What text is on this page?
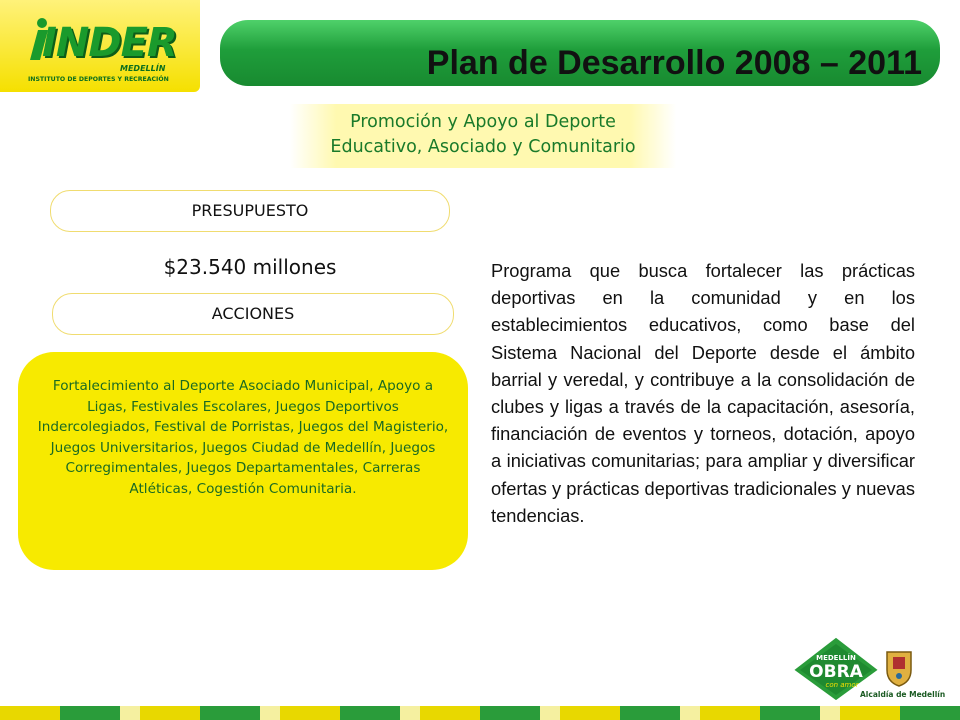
INDER
MEDELLÍN
INSTITUTO DE DEPORTES Y RECREACIÓN	Plan de Desarrollo 2008 – 2011
Promoción y Apoyo al Deporte
Educativo, Asociado y Comunitario
PRESUPUESTO
$23.540 millones
ACCIONES
Fortalecimiento al Deporte Asociado Municipal, Apoyo a Ligas, Festivales Escolares, Juegos Deportivos Indercolegiados, Festival de Porristas, Juegos del Magisterio, Juegos Universitarios, Juegos Ciudad de Medellín, Juegos Corregimentales, Juegos Departamentales, Carreras Atléticas, Cogestión Comunitaria.
Programa que busca fortalecer las prácticas deportivas en la comunidad y en los establecimientos educativos, como base del Sistema Nacional del Deporte desde el ámbito barrial y veredal, y contribuye a la consolidación de clubes y ligas a través de la capacitación, asesoría, financiación de eventos y torneos, dotación, apoyo a iniciativas comunitarias; para ampliar y diversificar ofertas y prácticas deportivas tradicionales y nuevas tendencias.
MEDELLÍN
OBRA
con amor
Alcaldía de Medellín
